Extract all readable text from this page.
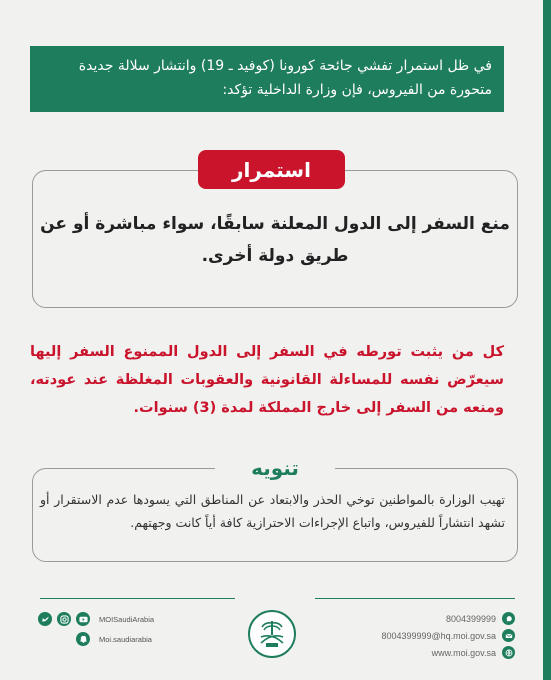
في ظل استمرار تفشي جائحة كورونا (كوفيد ـ 19) وانتشار سلالة جديدة متحورة من الفيروس، فإن وزارة الداخلية تؤكد:
استمرار
منع السفر إلى الدول المعلنة سابقًا، سواء مباشرة أو عن طريق دولة أخرى.
كل من يثبت تورطه في السفر إلى الدول الممنوع السفر إليها سيعرّض نفسه للمساءلة القانونية والعقوبات المغلظة عند عودته، ومنعه من السفر إلى خارج المملكة لمدة (3) سنوات.
تنويه
تهيب الوزارة بالمواطنين توخي الحذر والابتعاد عن المناطق التي يسودها عدم الاستقرار أو تشهد انتشاراً للفيروس، واتباع الإجراءات الاحترازية كافة أياً كانت وجهتهم.
MOISaudiArabia
Moi.saudiarabia
8004399999
8004399999@hq.moi.gov.sa
www.moi.gov.sa
